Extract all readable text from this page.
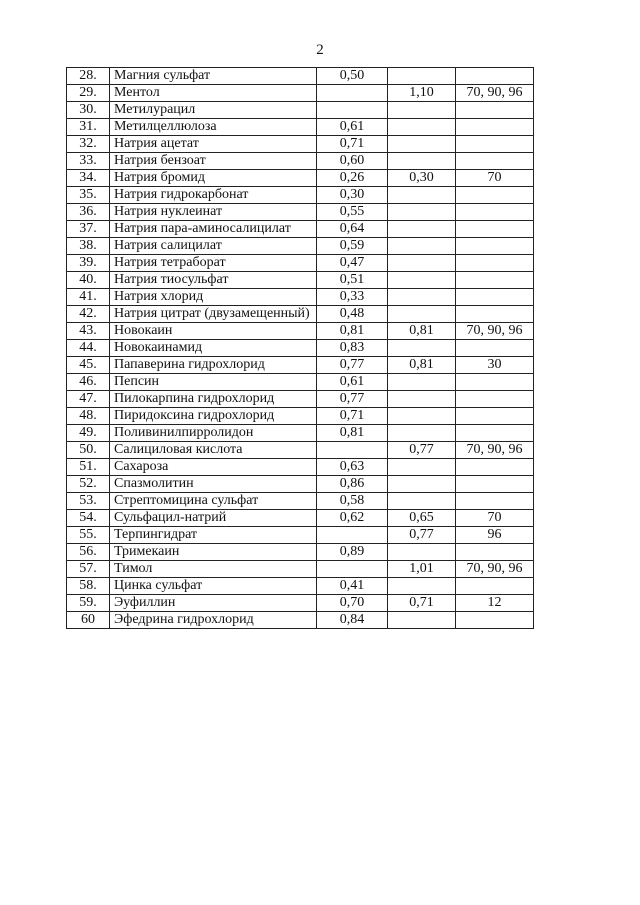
2
28.	Магния сульфат	0,50		
29.	Ментол		1,10	70, 90, 96
30.	Метилурацил			
31.	Метилцеллюлоза	0,61		
32.	Натрия ацетат	0,71		
33.	Натрия бензоат	0,60		
34.	Натрия бромид	0,26	0,30	70
35.	Натрия гидрокарбонат	0,30		
36.	Натрия нуклеинат	0,55		
37.	Натрия пара-аминосалицилат	0,64		
38.	Натрия салицилат	0,59		
39.	Натрия тетраборат	0,47		
40.	Натрия тиосульфат	0,51		
41.	Натрия хлорид	0,33		
42.	Натрия цитрат (двузамещенный)	0,48		
43.	Новокаин	0,81	0,81	70, 90, 96
44.	Новокаинамид	0,83		
45.	Папаверина гидрохлорид	0,77	0,81	30
46.	Пепсин	0,61		
47.	Пилокарпина гидрохлорид	0,77		
48.	Пиридоксина гидрохлорид	0,71		
49.	Поливинилпирролидон	0,81		
50.	Салициловая кислота		0,77	70, 90, 96
51.	Сахароза	0,63		
52.	Спазмолитин	0,86		
53.	Стрептомицина сульфат	0,58		
54.	Сульфацил-натрий	0,62	0,65	70
55.	Терпингидрат		0,77	96
56.	Тримекаин	0,89		
57.	Тимол		1,01	70, 90, 96
58.	Цинка сульфат	0,41		
59.	Эуфиллин	0,70	0,71	12
60	Эфедрина гидрохлорид	0,84		
